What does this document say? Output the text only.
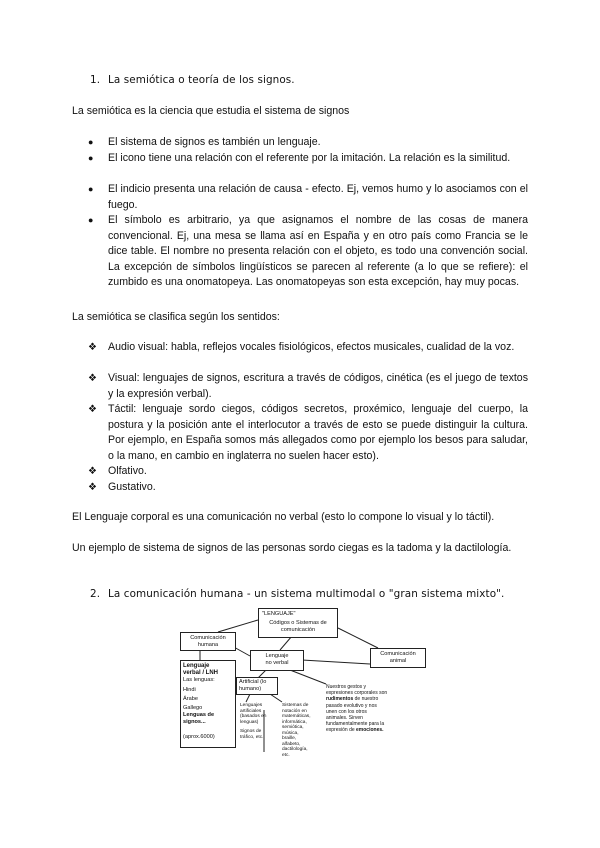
1. La semiótica o teoría de los signos.
La semiótica es la ciencia que estudia el sistema de signos
●	El sistema de signos es también un lenguaje.
●	El icono tiene una relación con el referente por la imitación. La relación es la similitud.
●	El indicio presenta una relación de causa - efecto. Ej, vemos humo y lo asociamos con el fuego.
●	El símbolo es arbitrario, ya que asignamos el nombre de las cosas de manera convencional. Ej, una mesa se llama así en España y en otro país como Francia se le dice table. El nombre no presenta relación con el objeto, es todo una convención social. La excepción de símbolos lingüísticos se parecen al referente (a lo que se refiere): el zumbido es una onomatopeya. Las onomatopeyas son esta excepción, hay muy pocas.
La semiótica se clasifica según los sentidos:
❖	Audio visual: habla, reflejos vocales fisiológicos, efectos musicales, cualidad de la voz.
❖	Visual: lenguajes de signos, escritura a través de códigos, cinética (es el juego de textos y la expresión verbal).
❖	Táctil: lenguaje sordo ciegos, códigos secretos, proxémico, lenguaje del cuerpo, la postura y la posición ante el interlocutor a través de esto se puede distinguir la cultura. Por ejemplo, en España somos más allegados como por ejemplo los besos para saludar, o la mano, en cambio en inglaterra no suelen hacer esto).
❖	Olfativo.
❖	Gustativo.
El Lenguaje corporal es una comunicación no verbal (esto lo compone lo visual y lo táctil).
Un ejemplo de sistema de signos de las personas sordo ciegas es la tadoma y la dactilología.
2. La comunicación humana - un sistema multimodal o "gran sistema mixto".
"LENGUAJE"
Códigos o Sistemas de
comunicación
Comunicación
humana
Lenguaje
no verbal
Comunicación
animal
Lenguaje
verbal / LNH
Las lenguas:
Hindi
Árabe
Gallego
Lenguas de
signos...
(aprox.6000)
Artificial (lo
humano)
Lenguajes
artificiales
(basados en
lenguas)
Signos de
tráfico, etc.
Sistemas de
notación en
matemáticas,
informática,
semiótica,
música,
braille,
alfabeto,
dactilología,
etc.
Nuestros gestos y
expresiones corporales son
rudimentos de nuestro
pasado evolutivo y nos
unen con los otros
animales. Sirven
fundamentalmente para la
expresión de emociones.
